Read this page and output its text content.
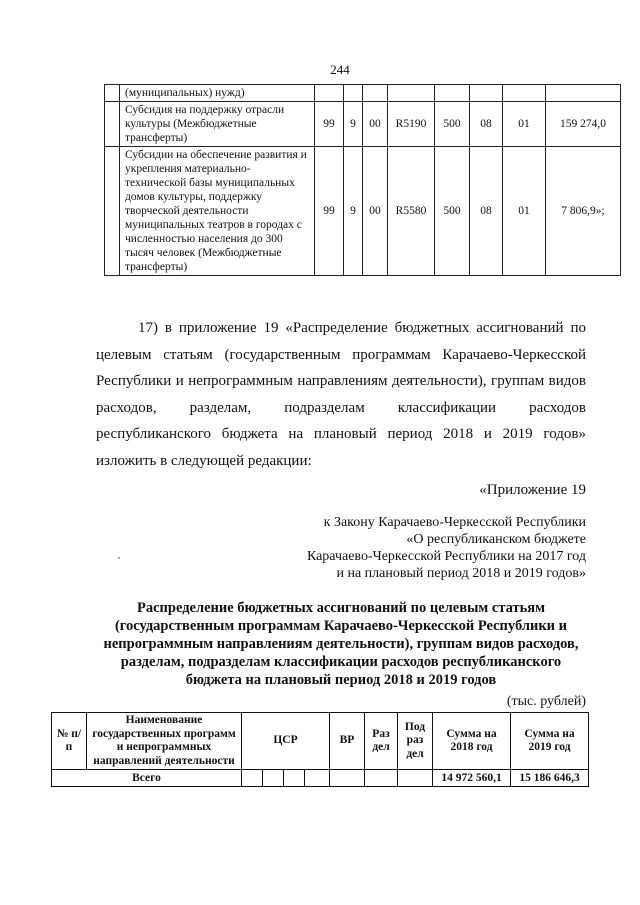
244
	(муниципальных) нужд)								
	Субсидия на поддержку отрасли культуры (Межбюджетные трансферты)	99	9	00	R5190	500	08	01	159 274,0
	Субсидии на обеспечение развития и укрепления материально-технической базы муниципальных домов культуры, поддержку творческой деятельности муниципальных театров в городах с численностью населения до 300 тысяч человек (Межбюджетные трансферты)	99	9	00	R5580	500	08	01	7 806,9»;
17) в приложение 19 «Распределение бюджетных ассигнований по целевым статьям (государственным программам Карачаево-Черкесской Республики и непрограммным направлениям деятельности), группам видов расходов, разделам, подразделам классификации расходов республиканского бюджета на плановый период 2018 и 2019 годов» изложить в следующей редакции:
«Приложение 19
к Закону Карачаево-Черкесской Республики
«О республиканском бюджете
Карачаево-Черкесской Республики на 2017 год
и на плановый период 2018 и 2019 годов»
Распределение бюджетных ассигнований по целевым статьям
(государственным программам Карачаево-Черкесской Республики и
непрограммным направлениям деятельности), группам видов расходов,
разделам, подразделам классификации расходов республиканского
бюджета на плановый период 2018 и 2019 годов
(тыс. рублей)
№ п/п	Наименование государственных программ и непрограммных направлений деятельности	ЦСР				ВР	Раз дел	Под раз дел	Сумма на 2018 год	Сумма на 2019 год
Всего									14 972 560,1	15 186 646,3
